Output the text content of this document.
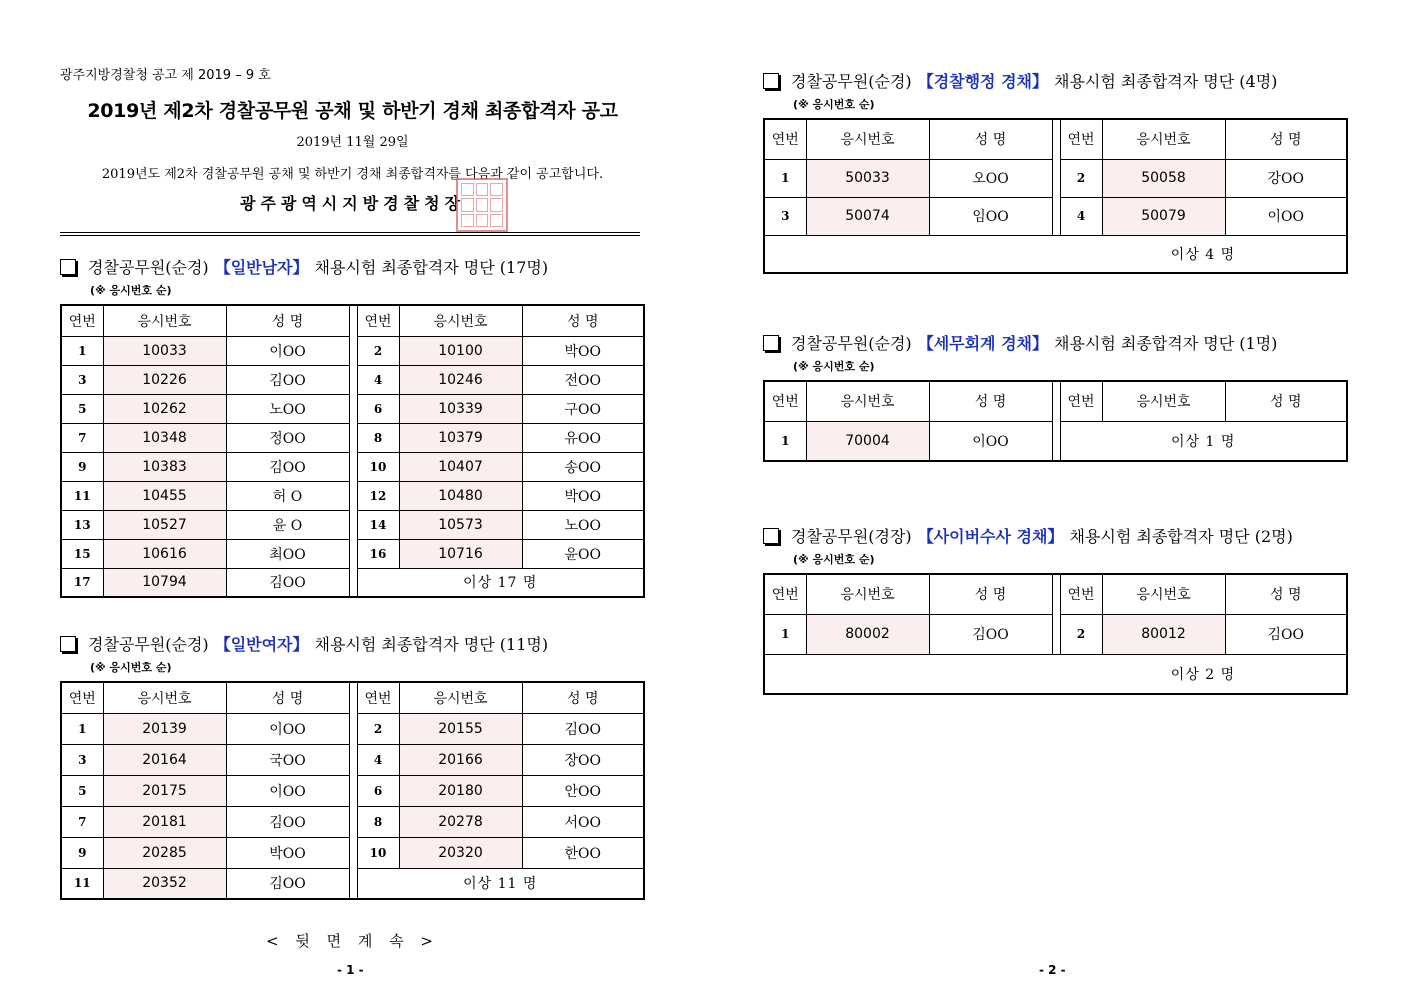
광주지방경찰청 공고 제 2019 – 9 호
2019년 제2차 경찰공무원 공채 및 하반기 경채 최종합격자 공고
2019년 11월 29일
2019년도 제2차 경찰공무원 공채 및 하반기 경채 최종합격자를 다음과 같이 공고합니다.
광주광역시지방경찰청장
경찰공무원(순경) 【일반남자】 채용시험 최종합격자 명단 (17명)
(※ 응시번호 순)
연번	응시번호	성 명		연번	응시번호	성 명
1	10033	이OO		2	10100	박OO
3	10226	김OO		4	10246	전OO
5	10262	노OO		6	10339	구OO
7	10348	정OO		8	10379	유OO
9	10383	김OO		10	10407	송OO
11	10455	허 O		12	10480	박OO
13	10527	윤 O		14	10573	노OO
15	10616	최OO		16	10716	윤OO
17	10794	김OO		이상 17 명		
경찰공무원(순경) 【일반여자】 채용시험 최종합격자 명단 (11명)
(※ 응시번호 순)
연번	응시번호	성 명		연번	응시번호	성 명
1	20139	이OO		2	20155	김OO
3	20164	국OO		4	20166	장OO
5	20175	이OO		6	20180	안OO
7	20181	김OO		8	20278	서OO
9	20285	박OO		10	20320	한OO
11	20352	김OO		이상 11 명		
경찰공무원(순경) 【경찰행정 경채】 채용시험 최종합격자 명단 (4명)
(※ 응시번호 순)
연번	응시번호	성 명		연번	응시번호	성 명
1	50033	오OO		2	50058	강OO
3	50074	임OO		4	50079	이OO
				이상 4 명		
경찰공무원(순경) 【세무회계 경채】 채용시험 최종합격자 명단 (1명)
(※ 응시번호 순)
연번	응시번호	성 명		연번	응시번호	성 명
1	70004	이OO		이상 1 명		
경찰공무원(경장) 【사이버수사 경채】 채용시험 최종합격자 명단 (2명)
(※ 응시번호 순)
연번	응시번호	성 명		연번	응시번호	성 명
1	80002	김OO		2	80012	김OO
				이상 2 명		
< 뒷 면 계 속 >
- 1 -	- 2 -
